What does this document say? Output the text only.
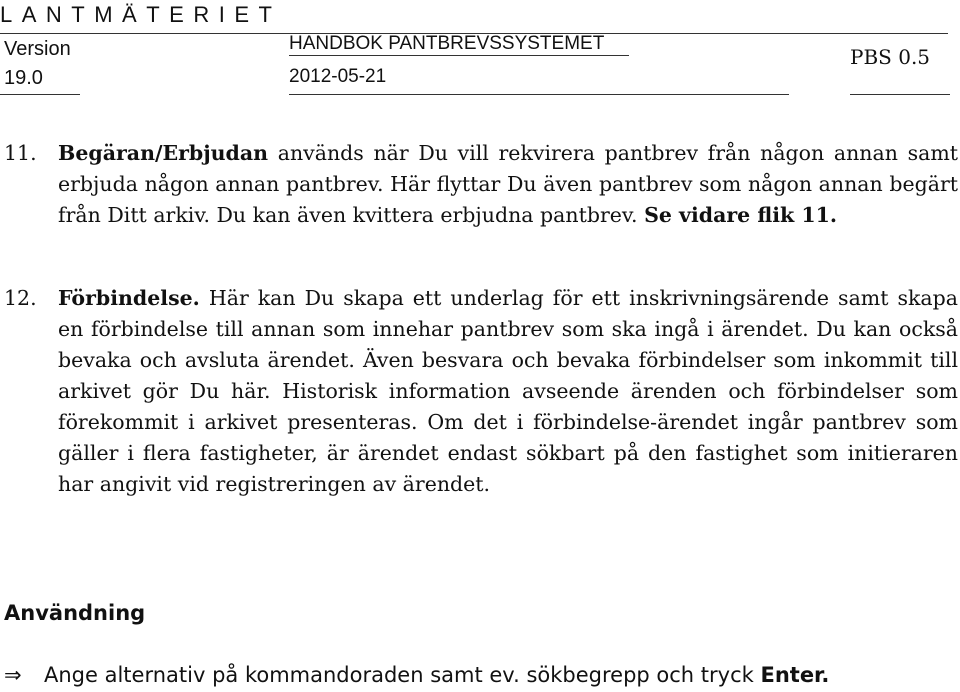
LANTMÄTERIET
Version
19.0
HANDBOK PANTBREVSSYSTEMET
2012-05-21
PBS 0.5
11. Begäran/Erbjudan används när Du vill rekvirera pantbrev från någon annan samt erbjuda någon annan pantbrev. Här flyttar Du även pantbrev som någon annan begärt från Ditt arkiv. Du kan även kvittera erbjudna pantbrev. Se vidare flik 11.
12. Förbindelse. Här kan Du skapa ett underlag för ett inskrivningsärende samt skapa en förbindelse till annan som innehar pantbrev som ska ingå i ärendet. Du kan också bevaka och avsluta ärendet. Även besvara och bevaka förbindelser som inkommit till arkivet gör Du här. Historisk information avseende ärenden och förbindelser som förekommit i arkivet presenteras. Om det i förbindelse-ärendet ingår pantbrev som gäller i flera fastigheter, är ärendet endast sökbart på den fastighet som initieraren har angivit vid registreringen av ärendet.
Användning
⇒ Ange alternativ på kommandoraden samt ev. sökbegrepp och tryck Enter.
